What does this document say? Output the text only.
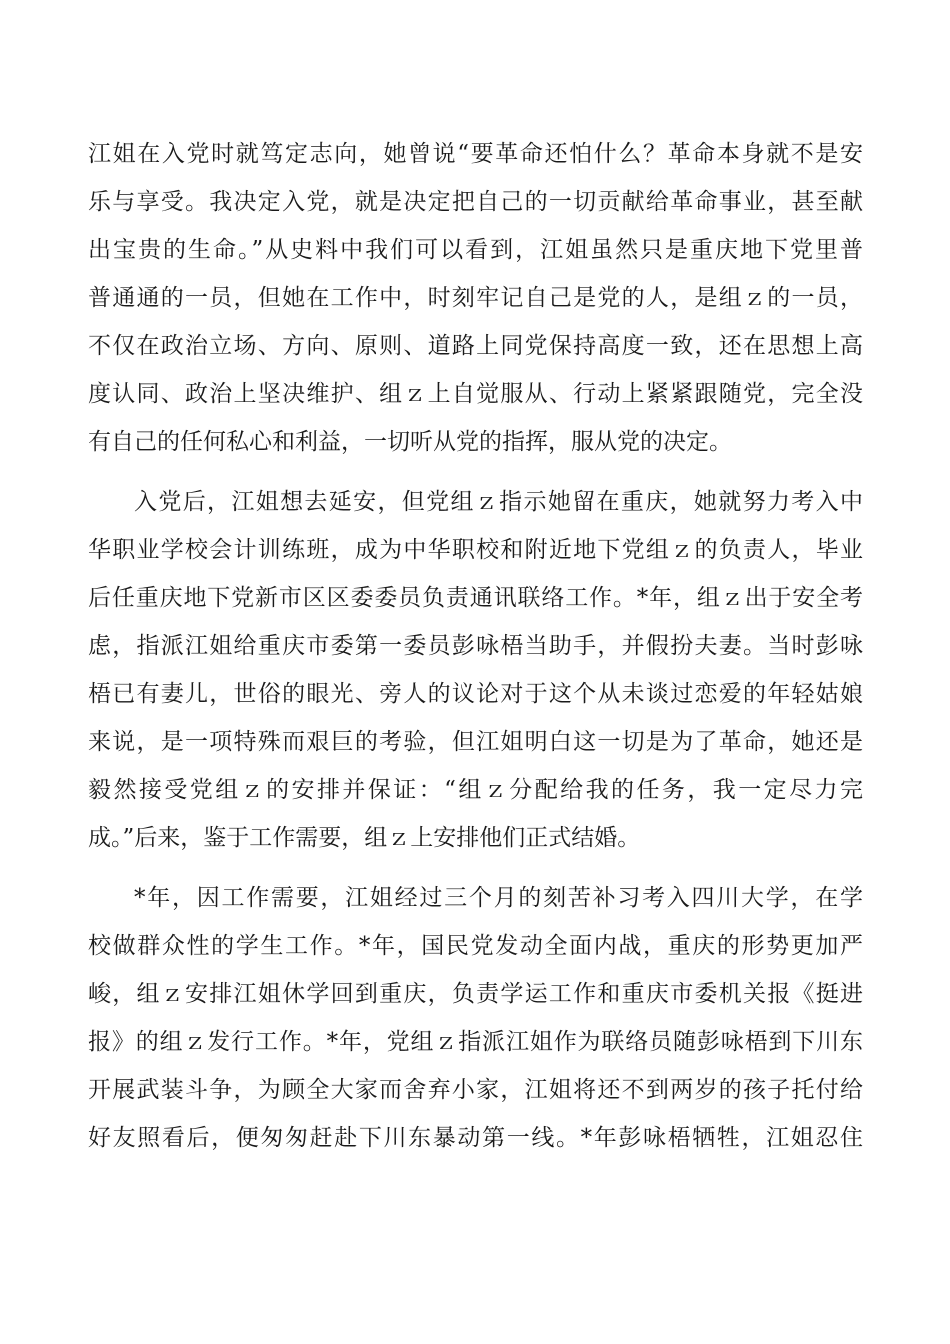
江姐在入党时就笃定志向，她曾说“要革命还怕什么？革命本身就不是安
乐与享受。我决定入党，就是决定把自己的一切贡献给革命事业，甚至献
出宝贵的生命。”从史料中我们可以看到，江姐虽然只是重庆地下党里普
普通通的一员，但她在工作中，时刻牢记自己是党的人，是组ｚ的一员，
不仅在政治立场、方向、原则、道路上同党保持高度一致，还在思想上高
度认同、政治上坚决维护、组ｚ上自觉服从、行动上紧紧跟随党，完全没
有自己的任何私心和利益，一切听从党的指挥，服从党的决定。
入党后，江姐想去延安，但党组ｚ指示她留在重庆，她就努力考入中
华职业学校会计训练班，成为中华职校和附近地下党组ｚ的负责人，毕业
后任重庆地下党新市区区委委员负责通讯联络工作。*年，组ｚ出于安全考
虑，指派江姐给重庆市委第一委员彭咏梧当助手，并假扮夫妻。当时彭咏
梧已有妻儿，世俗的眼光、旁人的议论对于这个从未谈过恋爱的年轻姑娘
来说，是一项特殊而艰巨的考验，但江姐明白这一切是为了革命，她还是
毅然接受党组ｚ的安排并保证：“组ｚ分配给我的任务，我一定尽力完
成。”后来，鉴于工作需要，组ｚ上安排他们正式结婚。
*年，因工作需要，江姐经过三个月的刻苦补习考入四川大学，在学
校做群众性的学生工作。*年，国民党发动全面内战，重庆的形势更加严
峻，组ｚ安排江姐休学回到重庆，负责学运工作和重庆市委机关报《挺进
报》的组ｚ发行工作。*年，党组ｚ指派江姐作为联络员随彭咏梧到下川东
开展武装斗争，为顾全大家而舍弃小家，江姐将还不到两岁的孩子托付给
好友照看后，便匆匆赶赴下川东暴动第一线。*年彭咏梧牺牲，江姐忍住
